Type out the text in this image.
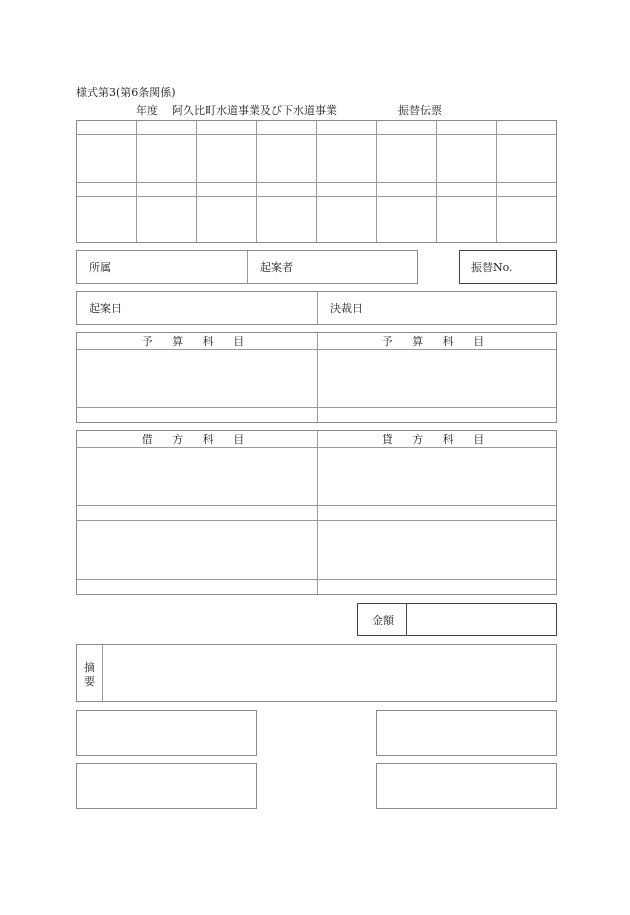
様式第3(第6条関係)
年度 阿久比町水道事業及び下水道事業	振替伝票
所属	起案者	振替No.
起案日	決裁日
予 算 科 目	予 算 科 目
借 方 科 目	貸 方 科 目
金額
摘要
